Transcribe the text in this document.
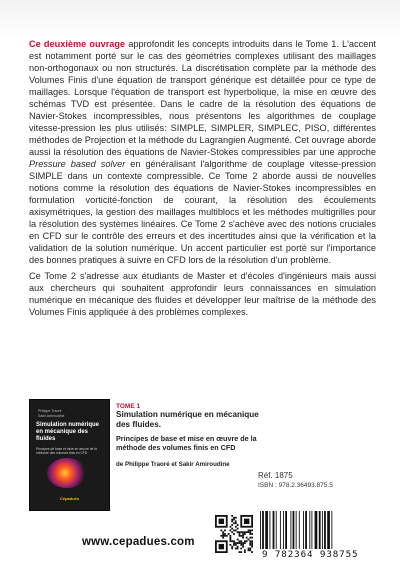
Ce deuxième ouvrage approfondit les concepts introduits dans le Tome 1. L'accent est notamment porté sur le cas des géométries complexes utilisant des maillages non-orthogonaux ou non structurés. La discrétisation complète par la méthode des Volumes Finis d'une équation de transport générique est détaillée pour ce type de maillages. Lorsque l'équation de transport est hyperbolique, la mise en œuvre des schémas TVD est présentée. Dans le cadre de la résolution des équations de Navier-Stokes incompressibles, nous présentons les algorithmes de couplage vitesse-pression les plus utilisés: SIMPLE, SIMPLER, SIMPLEC, PISO, différentes méthodes de Projection et la méthode du Lagrangien Augmenté. Cet ouvrage aborde aussi la résolution des équations de Navier-Stokes compressibles par une approche Pressure based solver en généralisant l'algorithme de couplage vitesse-pression SIMPLE dans un contexte compressible. Ce Tome 2 aborde aussi de nouvelles notions comme la résolution des équations de Navier-Stokes incompressibles en formulation vorticité-fonction de courant, la résolution des écoulements axisymétriques, la gestion des maillages multiblocs et les méthodes multigrilles pour la résolution des systèmes linéaires. Ce Tome 2 s'achève avec des notions cruciales en CFD sur le contrôle des erreurs et des incertitudes ainsi que la vérification et la validation de la solution numérique. Un accent particulier est porté sur l'importance des bonnes pratiques à suivre en CFD lors de la résolution d'un problème.

Ce Tome 2 s'adresse aux étudiants de Master et d'écoles d'ingénieurs mais aussi aux chercheurs qui souhaitent approfondir leurs connaissances en simulation numérique en mécanique des fluides et développer leur maîtrise de la méthode des Volumes Finis appliquée à des problèmes complexes.

Philippe Traoré
Sakir Amiroudine
Simulation numérique en mécanique des fluides
Principes de base et mise en œuvre de la méthode des volumes finis en CFD
Cépaduès
TOME 1
Simulation numérique en mécanique des fluides.
Principes de base et mise en œuvre de la méthode des volumes finis en CFD
de Philippe Traoré et Sakir Amiroudine
Réf. 1875
ISBN : 978.2.36493.875.5
www.cepadues.com
9 782364 938755
